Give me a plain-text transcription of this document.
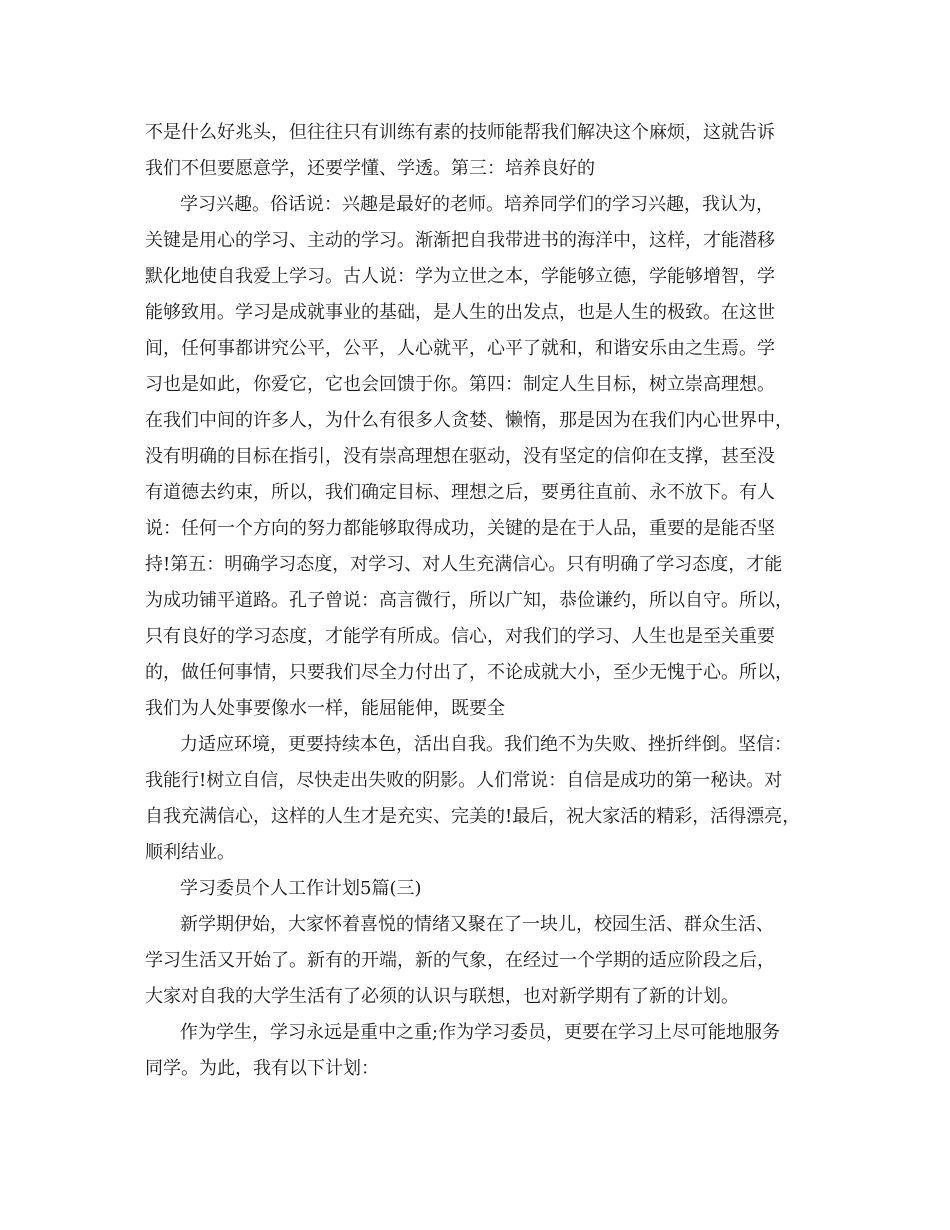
不是什么好兆头，但往往只有训练有素的技师能帮我们解决这个麻烦，这就告诉
我们不但要愿意学，还要学懂、学透。第三：培养良好的
学习兴趣。俗话说：兴趣是最好的老师。培养同学们的学习兴趣，我认为，
关键是用心的学习、主动的学习。渐渐把自我带进书的海洋中，这样，才能潜移
默化地使自我爱上学习。古人说：学为立世之本，学能够立德，学能够增智，学
能够致用。学习是成就事业的基础，是人生的出发点，也是人生的极致。在这世
间，任何事都讲究公平，公平，人心就平，心平了就和，和谐安乐由之生焉。学
习也是如此，你爱它，它也会回馈于你。第四：制定人生目标，树立崇高理想。
在我们中间的许多人，为什么有很多人贪婪、懒惰，那是因为在我们内心世界中，
没有明确的目标在指引，没有崇高理想在驱动，没有坚定的信仰在支撑，甚至没
有道德去约束，所以，我们确定目标、理想之后，要勇往直前、永不放下。有人
说：任何一个方向的努力都能够取得成功，关键的是在于人品，重要的是能否坚
持!第五：明确学习态度，对学习、对人生充满信心。只有明确了学习态度，才能
为成功铺平道路。孔子曾说：高言微行，所以广知，恭俭谦约，所以自守。所以，
只有良好的学习态度，才能学有所成。信心，对我们的学习、人生也是至关重要
的，做任何事情，只要我们尽全力付出了，不论成就大小，至少无愧于心。所以，
我们为人处事要像水一样，能屈能伸，既要全
力适应环境，更要持续本色，活出自我。我们绝不为失败、挫折绊倒。坚信：
我能行!树立自信，尽快走出失败的阴影。人们常说：自信是成功的第一秘诀。对
自我充满信心，这样的人生才是充实、完美的!最后，祝大家活的精彩，活得漂亮，
顺利结业。
学习委员个人工作计划5篇(三)
新学期伊始，大家怀着喜悦的情绪又聚在了一块儿，校园生活、群众生活、
学习生活又开始了。新有的开端，新的气象，在经过一个学期的适应阶段之后，
大家对自我的大学生活有了必须的认识与联想，也对新学期有了新的计划。
作为学生，学习永远是重中之重;作为学习委员，更要在学习上尽可能地服务
同学。为此，我有以下计划：
